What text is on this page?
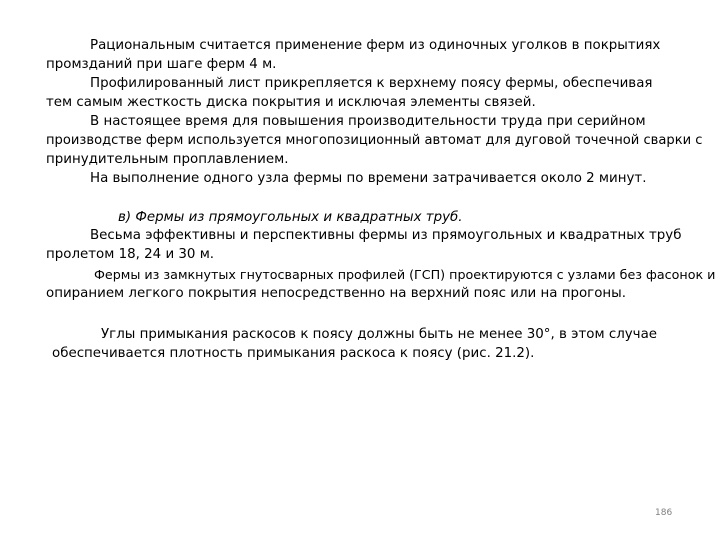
Рациональным считается применение ферм из одиночных уголков в покрытиях
промзданий при шаге ферм 4 м.
Профилированный лист прикрепляется к верхнему поясу фермы, обеспечивая
тем самым жесткость диска покрытия и исключая элементы связей.
В настоящее время для повышения производительности труда при серийном
производстве ферм используется многопозиционный автомат для дуговой точечной сварки с
принудительным проплавлением.
На выполнение одного узла фермы по времени затрачивается около 2 минут.
в) Фермы из прямоугольных и квадратных труб.
Весьма эффективны и перспективны фермы из прямоугольных и квадратных труб
пролетом 18, 24 и 30 м.
Фермы из замкнутых гнутосварных профилей (ГСП) проектируются с узлами без фасонок и
опиранием легкого покрытия непосредственно на верхний пояс или на прогоны.
Углы примыкания раскосов к поясу должны быть не менее 30°, в этом случае
обеспечивается плотность примыкания раскоса к поясу (рис. 21.2).
186
